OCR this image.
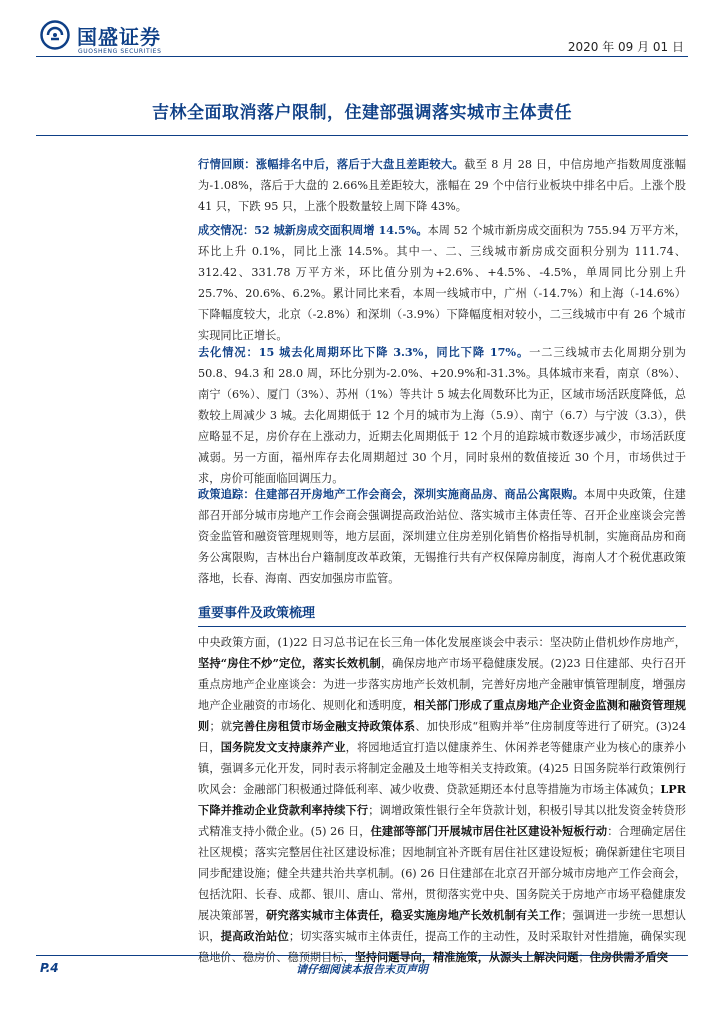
国盛证券
GUOSHENG SECURITIES	2020 年 09 月 01 日
吉林全面取消落户限制，住建部强调落实城市主体责任
行情回顾：涨幅排名中后，落后于大盘且差距较大。截至 8 月 28 日，中信房地产指数周度涨幅为-1.08%，落后于大盘的 2.66%且差距较大，涨幅在 29 个中信行业板块中排名中后。上涨个股 41 只，下跌 95 只，上涨个股数量较上周下降 43%。
成交情况：52 城新房成交面积周增 14.5%。本周 52 个城市新房成交面积为 755.94 万平方米，环比上升 0.1%，同比上涨 14.5%。其中一、二、三线城市新房成交面积分别为 111.74、312.42、331.78 万平方米，环比值分别为+2.6%、+4.5%、-4.5%，单周同比分别上升 25.7%、20.6%、6.2%。累计同比来看，本周一线城市中，广州（-14.7%）和上海（-14.6%）下降幅度较大，北京（-2.8%）和深圳（-3.9%）下降幅度相对较小，二三线城市中有 26 个城市实现同比正增长。
去化情况：15 城去化周期环比下降 3.3%，同比下降 17%。一二三线城市去化周期分别为 50.8、94.3 和 28.0 周，环比分别为-2.0%、+20.9%和-31.3%。具体城市来看，南京（8%）、南宁（6%）、厦门（3%）、苏州（1%）等共计 5 城去化周数环比为正，区域市场活跃度降低，总数较上周减少 3 城。去化周期低于 12 个月的城市为上海（5.9）、南宁（6.7）与宁波（3.3），供应略显不足，房价存在上涨动力，近期去化周期低于 12 个月的追踪城市数逐步减少，市场活跃度减弱。另一方面，福州库存去化周期超过 30 个月，同时泉州的数值接近 30 个月，市场供过于求，房价可能面临回调压力。
政策追踪：住建部召开房地产工作会商会，深圳实施商品房、商品公寓限购。本周中央政策，住建部召开部分城市房地产工作会商会强调提高政治站位、落实城市主体责任等、召开企业座谈会完善资金监管和融资管理规则等，地方层面，深圳建立住房差别化销售价格指导机制，实施商品房和商务公寓限购，吉林出台户籍制度改革政策，无锡推行共有产权保障房制度，海南人才个税优惠政策落地，长春、海南、西安加强房市监管。
重要事件及政策梳理
中央政策方面，(1)22 日习总书记在长三角一体化发展座谈会中表示：坚决防止借机炒作房地产，坚持“房住不炒”定位，落实长效机制，确保房地产市场平稳健康发展。(2)23 日住建部、央行召开重点房地产企业座谈会：为进一步落实房地产长效机制，完善好房地产金融审慎管理制度，增强房地产企业融资的市场化、规则化和透明度，相关部门形成了重点房地产企业资金监测和融资管理规则；就完善住房租赁市场金融支持政策体系、加快形成“租购并举”住房制度等进行了研究。(3)24 日，国务院发文支持康养产业，将园地适宜打造以健康养生、休闲养老等健康产业为核心的康养小镇，强调多元化开发，同时表示将制定金融及土地等相关支持政策。(4)25 日国务院举行政策例行吹风会：金融部门积极通过降低利率、减少收费、贷款延期还本付息等措施为市场主体减负；LPR 下降并推动企业贷款利率持续下行；调增政策性银行全年贷款计划，积极引导其以批发资金转贷形式精准支持小微企业。(5) 26 日，住建部等部门开展城市居住社区建设补短板行动：合理确定居住社区规模；落实完整居住社区建设标准；因地制宜补齐既有居住社区建设短板；确保新建住宅项目同步配建设施；健全共建共治共享机制。(6) 26 日住建部在北京召开部分城市房地产工作会商会，包括沈阳、长春、成都、银川、唐山、常州，贯彻落实党中央、国务院关于房地产市场平稳健康发展决策部署，研究落实城市主体责任，稳妥实施房地产长效机制有关工作；强调进一步统一思想认识，提高政治站位；切实落实城市主体责任，提高工作的主动性，及时采取针对性措施，确保实现稳地价、稳房价、稳预期目标，坚持问题导向，精准施策，从源头上解决问题；住房供需矛盾突
P.4	请仔细阅读本报告末页声明
